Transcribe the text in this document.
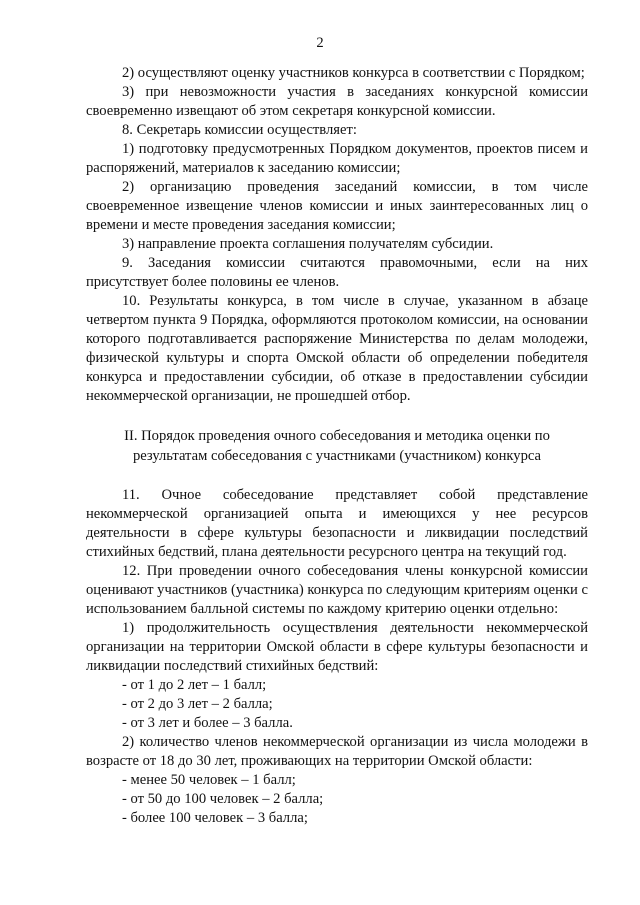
2

2) осуществляют оценку участников конкурса в соответствии с Порядком;

3) при невозможности участия в заседаниях конкурсной комиссии своевременно извещают об этом секретаря конкурсной комиссии.

8. Секретарь комиссии осуществляет:

1) подготовку предусмотренных Порядком документов, проектов писем и распоряжений, материалов к заседанию комиссии;

2) организацию проведения заседаний комиссии, в том числе своевременное извещение членов комиссии и иных заинтересованных лиц о времени и месте проведения заседания комиссии;

3) направление проекта соглашения получателям субсидии.

9. Заседания комиссии считаются правомочными, если на них присутствует более половины ее членов.

10. Результаты конкурса, в том числе в случае, указанном в абзаце четвертом пункта 9 Порядка, оформляются протоколом комиссии, на основании которого подготавливается распоряжение Министерства по делам молодежи, физической культуры и спорта Омской области об определении победителя конкурса и предоставлении субсидии, об отказе в предоставлении субсидии некоммерческой организации, не прошедшей отбор.

II. Порядок проведения очного собеседования и методика оценки по результатам собеседования с участниками (участником) конкурса

11. Очное собеседование представляет собой представление некоммерческой организацией опыта и имеющихся у нее ресурсов деятельности в сфере культуры безопасности и ликвидации последствий стихийных бедствий, плана деятельности ресурсного центра на текущий год.

12. При проведении очного собеседования члены конкурсной комиссии оценивают участников (участника) конкурса по следующим критериям оценки с использованием балльной системы по каждому критерию оценки отдельно:

1) продолжительность осуществления деятельности некоммерческой организации на территории Омской области в сфере культуры безопасности и ликвидации последствий стихийных бедствий:

- от 1 до 2 лет – 1 балл;

- от 2 до 3 лет – 2 балла;

- от 3 лет и более – 3 балла.

2) количество членов некоммерческой организации из числа молодежи в возрасте от 18 до 30 лет, проживающих на территории Омской области:

- менее 50 человек – 1 балл;

- от 50 до 100 человек – 2 балла;

- более 100 человек – 3 балла;
